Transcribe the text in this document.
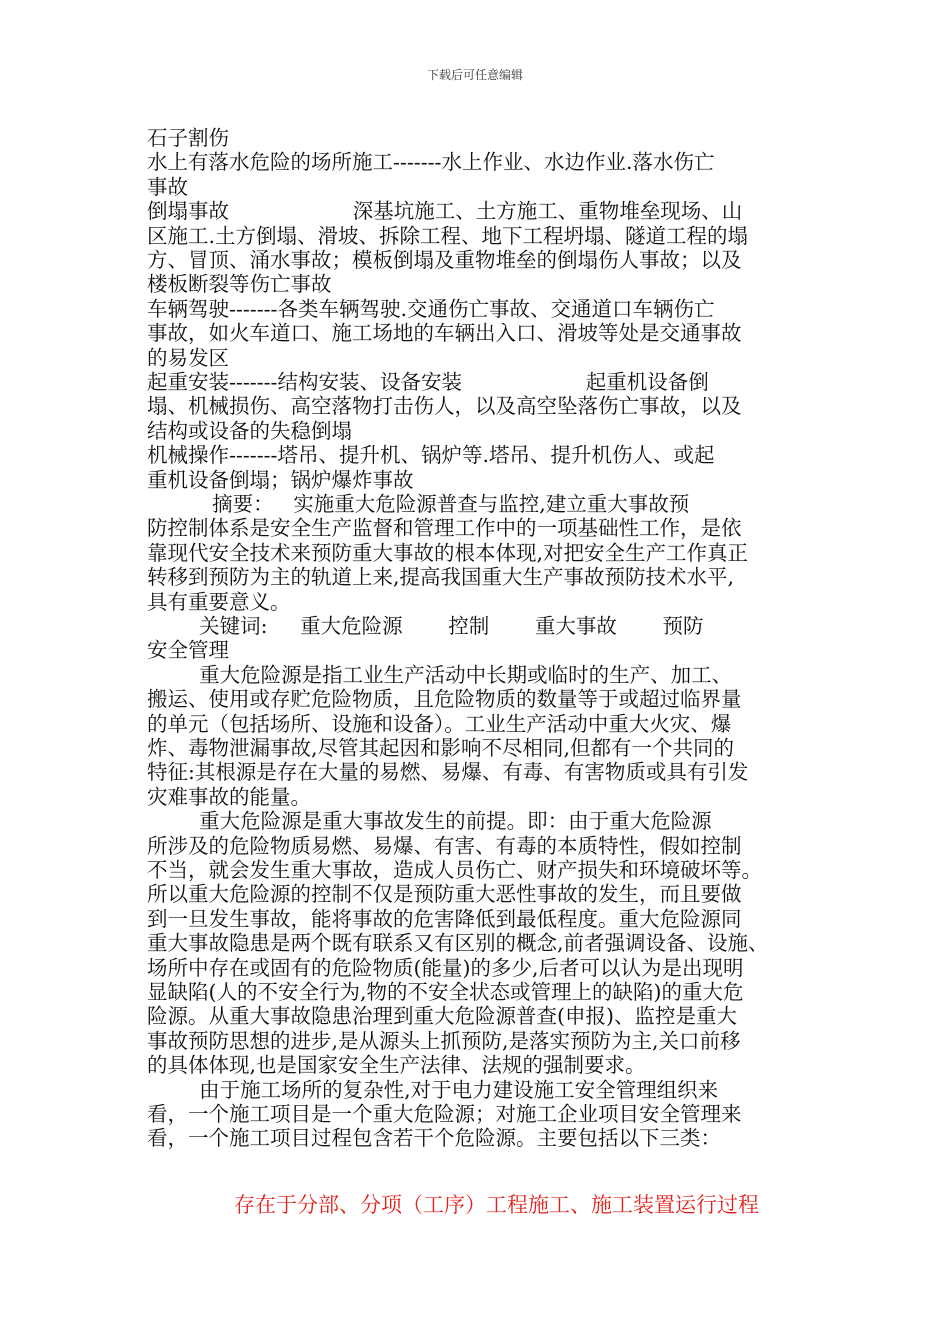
下载后可任意编辑
石子割伤
水上有落水危险的场所施工-------水上作业、水边作业.落水伤亡
事故
倒塌事故                   深基坑施工、土方施工、重物堆垒现场、山
区施工.土方倒塌、滑坡、拆除工程、地下工程坍塌、隧道工程的塌
方、冒顶、涌水事故；模板倒塌及重物堆垒的倒塌伤人事故；以及
楼板断裂等伤亡事故
车辆驾驶-------各类车辆驾驶.交通伤亡事故、交通道口车辆伤亡
事故，如火车道口、施工场地的车辆出入口、滑坡等处是交通事故
的易发区
起重安装-------结构安装、设备安装                   起重机设备倒
塌、机械损伤、高空落物打击伤人，以及高空坠落伤亡事故，以及
结构或设备的失稳倒塌
机械操作-------塔吊、提升机、锅炉等.塔吊、提升机伤人、或起
重机设备倒塌；锅炉爆炸事故
摘要：   实施重大危险源普查与监控,建立重大事故预
防控制体系是安全生产监督和管理工作中的一项基础性工作，是依
靠现代安全技术来预防重大事故的根本体现,对把安全生产工作真正
转移到预防为主的轨道上来,提高我国重大生产事故预防技术水平,
具有重要意义。
关键词:     重大危险源       控制       重大事故       预防
安全管理
重大危险源是指工业生产活动中长期或临时的生产、加工、
搬运、使用或存贮危险物质，且危险物质的数量等于或超过临界量
的单元（包括场所、设施和设备）。工业生产活动中重大火灾、爆
炸、毒物泄漏事故,尽管其起因和影响不尽相同,但都有一个共同的
特征:其根源是存在大量的易燃、易爆、有毒、有害物质或具有引发
灾难事故的能量。
重大危险源是重大事故发生的前提。即：由于重大危险源
所涉及的危险物质易燃、易爆、有害、有毒的本质特性，假如控制
不当，就会发生重大事故，造成人员伤亡、财产损失和环境破坏等。
所以重大危险源的控制不仅是预防重大恶性事故的发生，而且要做
到一旦发生事故，能将事故的危害降低到最低程度。重大危险源同
重大事故隐患是两个既有联系又有区别的概念,前者强调设备、设施、
场所中存在或固有的危险物质(能量)的多少,后者可以认为是出现明
显缺陷(人的不安全行为,物的不安全状态或管理上的缺陷)的重大危
险源。从重大事故隐患治理到重大危险源普查(申报)、监控是重大
事故预防思想的进步,是从源头上抓预防,是落实预防为主,关口前移
的具体体现,也是国家安全生产法律、法规的强制要求。
由于施工场所的复杂性,对于电力建设施工安全管理组织来
看，一个施工项目是一个重大危险源；对施工企业项目安全管理来
看，一个施工项目过程包含若干个危险源。主要包括以下三类：
存在于分部、分项（工序）工程施工、施工装置运行过程
